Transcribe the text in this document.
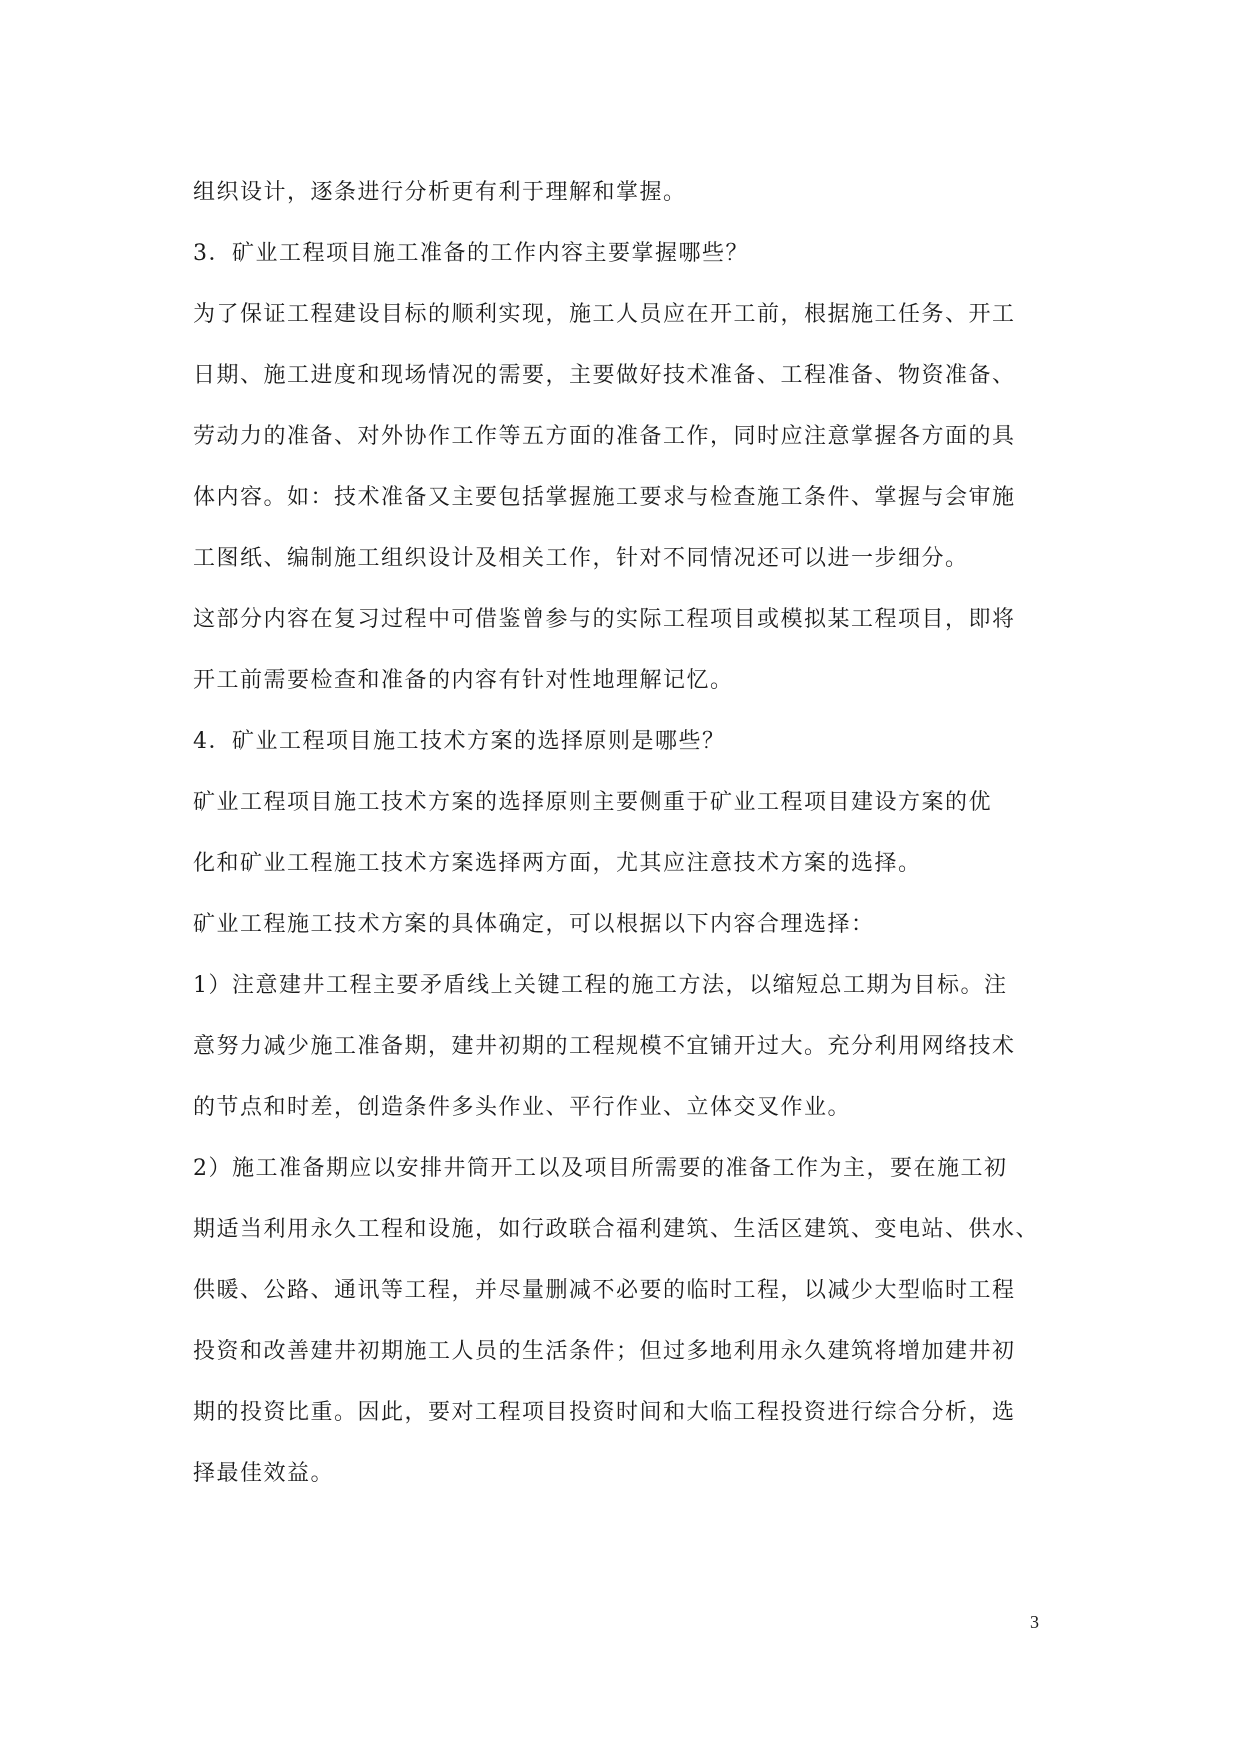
组织设计，逐条进行分析更有利于理解和掌握。
3．矿业工程项目施工准备的工作内容主要掌握哪些？
为了保证工程建设目标的顺利实现，施工人员应在开工前，根据施工任务、开工
日期、施工进度和现场情况的需要，主要做好技术准备、工程准备、物资准备、
劳动力的准备、对外协作工作等五方面的准备工作，同时应注意掌握各方面的具
体内容。如：技术准备又主要包括掌握施工要求与检查施工条件、掌握与会审施
工图纸、编制施工组织设计及相关工作，针对不同情况还可以进一步细分。
这部分内容在复习过程中可借鉴曾参与的实际工程项目或模拟某工程项目，即将
开工前需要检查和准备的内容有针对性地理解记忆。
4．矿业工程项目施工技术方案的选择原则是哪些？
矿业工程项目施工技术方案的选择原则主要侧重于矿业工程项目建设方案的优
化和矿业工程施工技术方案选择两方面，尤其应注意技术方案的选择。
矿业工程施工技术方案的具体确定，可以根据以下内容合理选择：
1）注意建井工程主要矛盾线上关键工程的施工方法，以缩短总工期为目标。注
意努力减少施工准备期，建井初期的工程规模不宜铺开过大。充分利用网络技术
的节点和时差，创造条件多头作业、平行作业、立体交叉作业。
2）施工准备期应以安排井筒开工以及项目所需要的准备工作为主，要在施工初
期适当利用永久工程和设施，如行政联合福利建筑、生活区建筑、变电站、供水、
供暖、公路、通讯等工程，并尽量删减不必要的临时工程，以减少大型临时工程
投资和改善建井初期施工人员的生活条件；但过多地利用永久建筑将增加建井初
期的投资比重。因此，要对工程项目投资时间和大临工程投资进行综合分析，选
择最佳效益。
3
